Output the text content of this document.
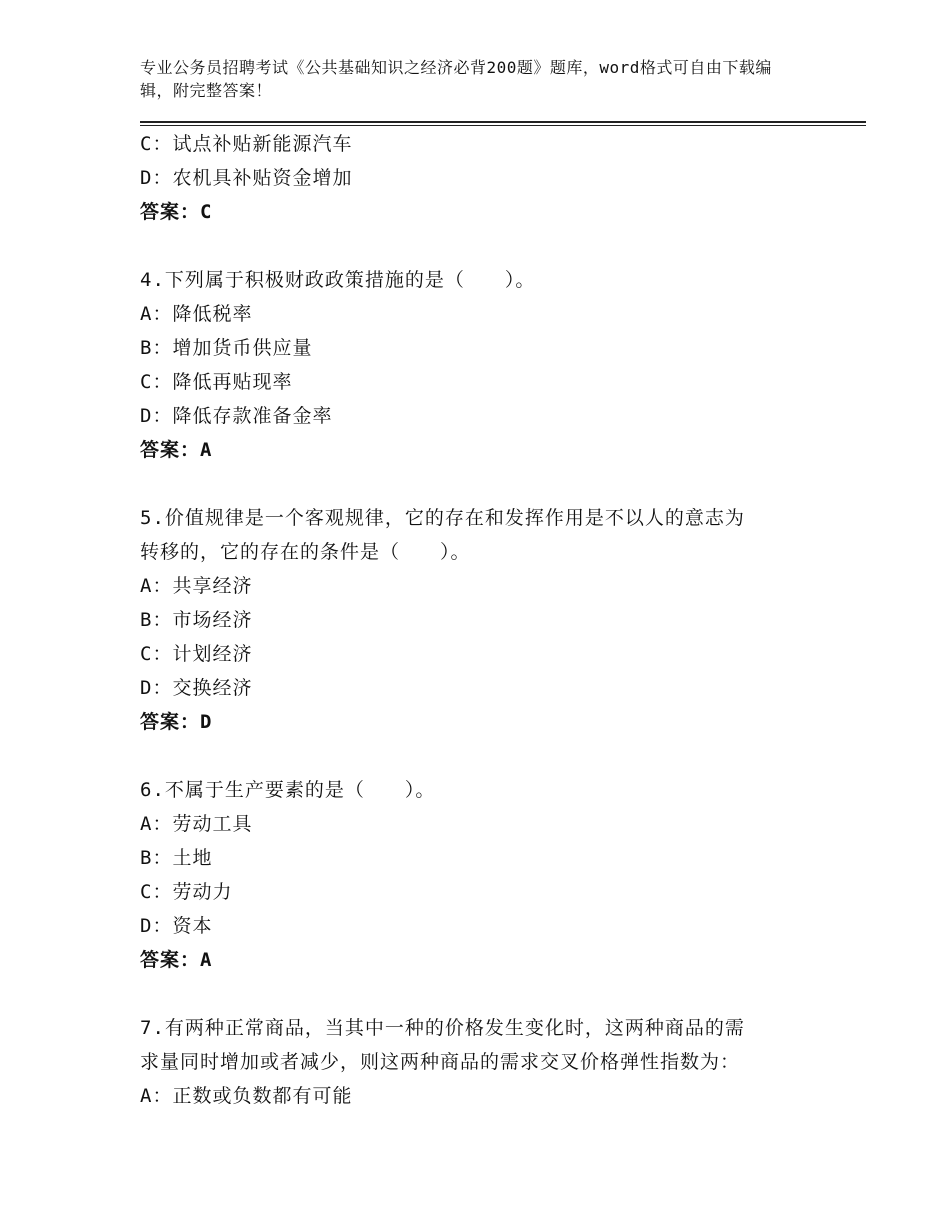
专业公务员招聘考试《公共基础知识之经济必背200题》题库，word格式可自由下载编辑，附完整答案！
C：试点补贴新能源汽车
D：农机具补贴资金增加
答案：C
4.下列属于积极财政政策措施的是（　　）。
A：降低税率
B：增加货币供应量
C：降低再贴现率
D：降低存款准备金率
答案：A
5.价值规律是一个客观规律，它的存在和发挥作用是不以人的意志为
转移的，它的存在的条件是（　　）。
A：共享经济
B：市场经济
C：计划经济
D：交换经济
答案：D
6.不属于生产要素的是（　　）。
A：劳动工具
B：土地
C：劳动力
D：资本
答案：A
7.有两种正常商品，当其中一种的价格发生变化时，这两种商品的需
求量同时增加或者减少，则这两种商品的需求交叉价格弹性指数为：
A：正数或负数都有可能
